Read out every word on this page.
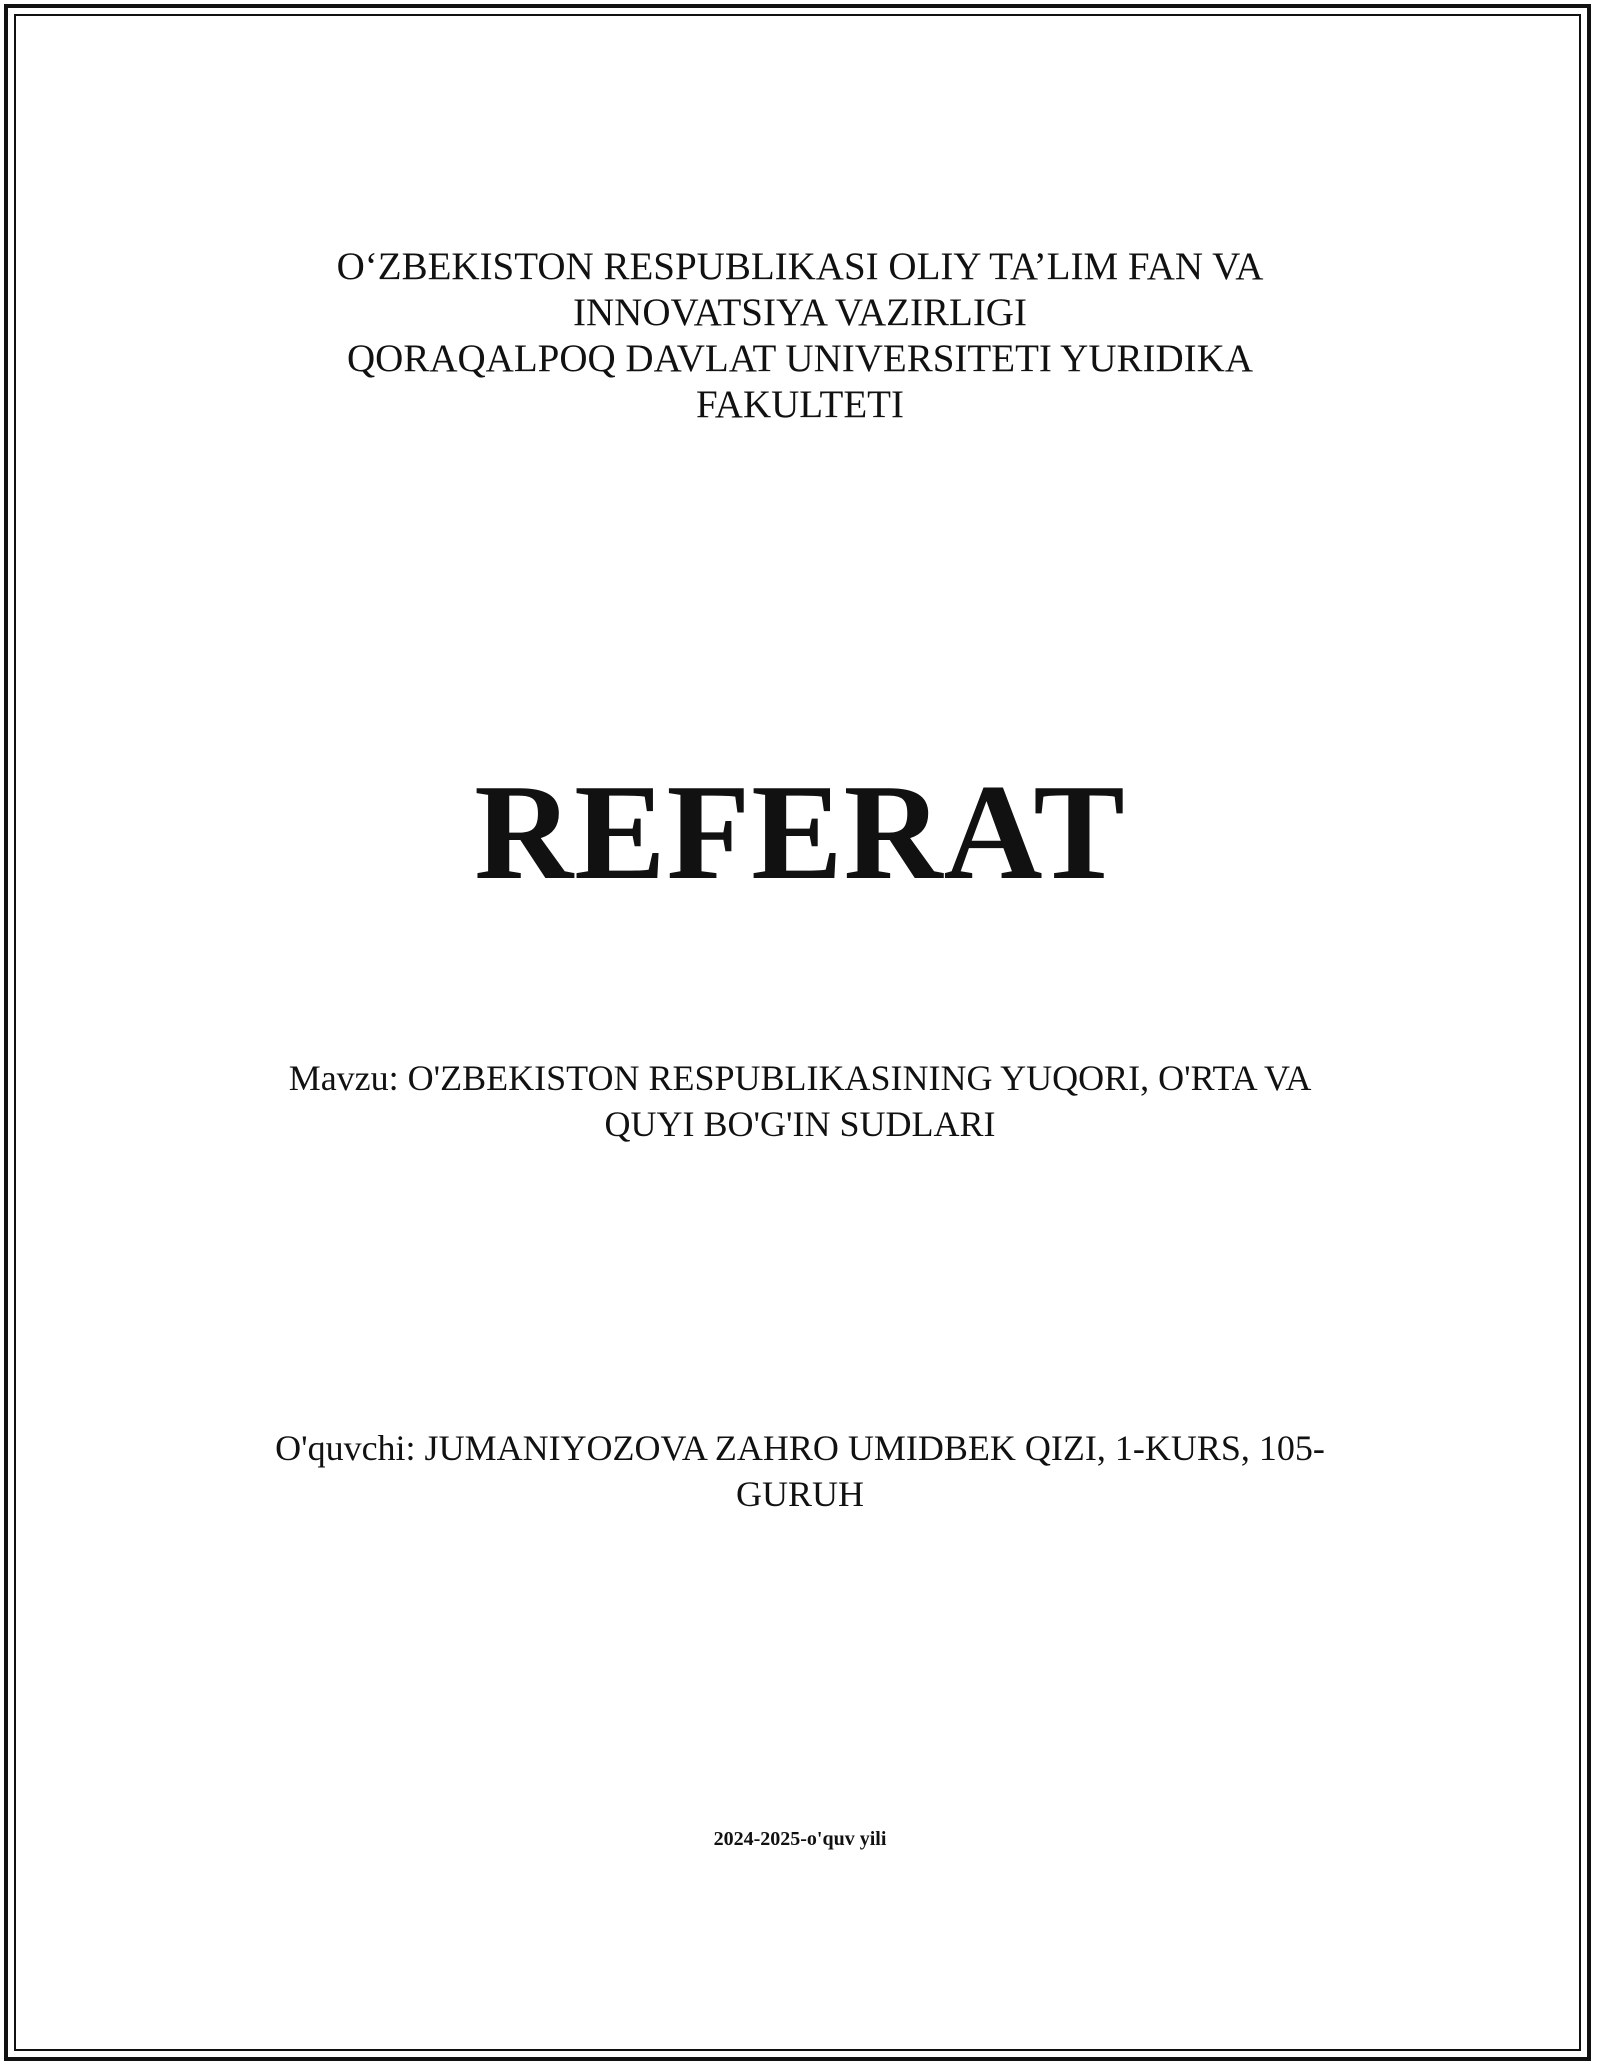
O‘ZBEKISTON RESPUBLIKASI OLIY TA’LIM FAN VA
INNOVATSIYA VAZIRLIGI
QORAQALPOQ DAVLAT UNIVERSITETI YURIDIKA
FAKULTETI
REFERAT
Mavzu: O'ZBEKISTON RESPUBLIKASINING YUQORI, O'RTA VA
QUYI BO'G'IN SUDLARI
O'quvchi: JUMANIYOZOVA ZAHRO UMIDBEK QIZI, 1-KURS, 105-
GURUH
2024-2025-o'quv yili
